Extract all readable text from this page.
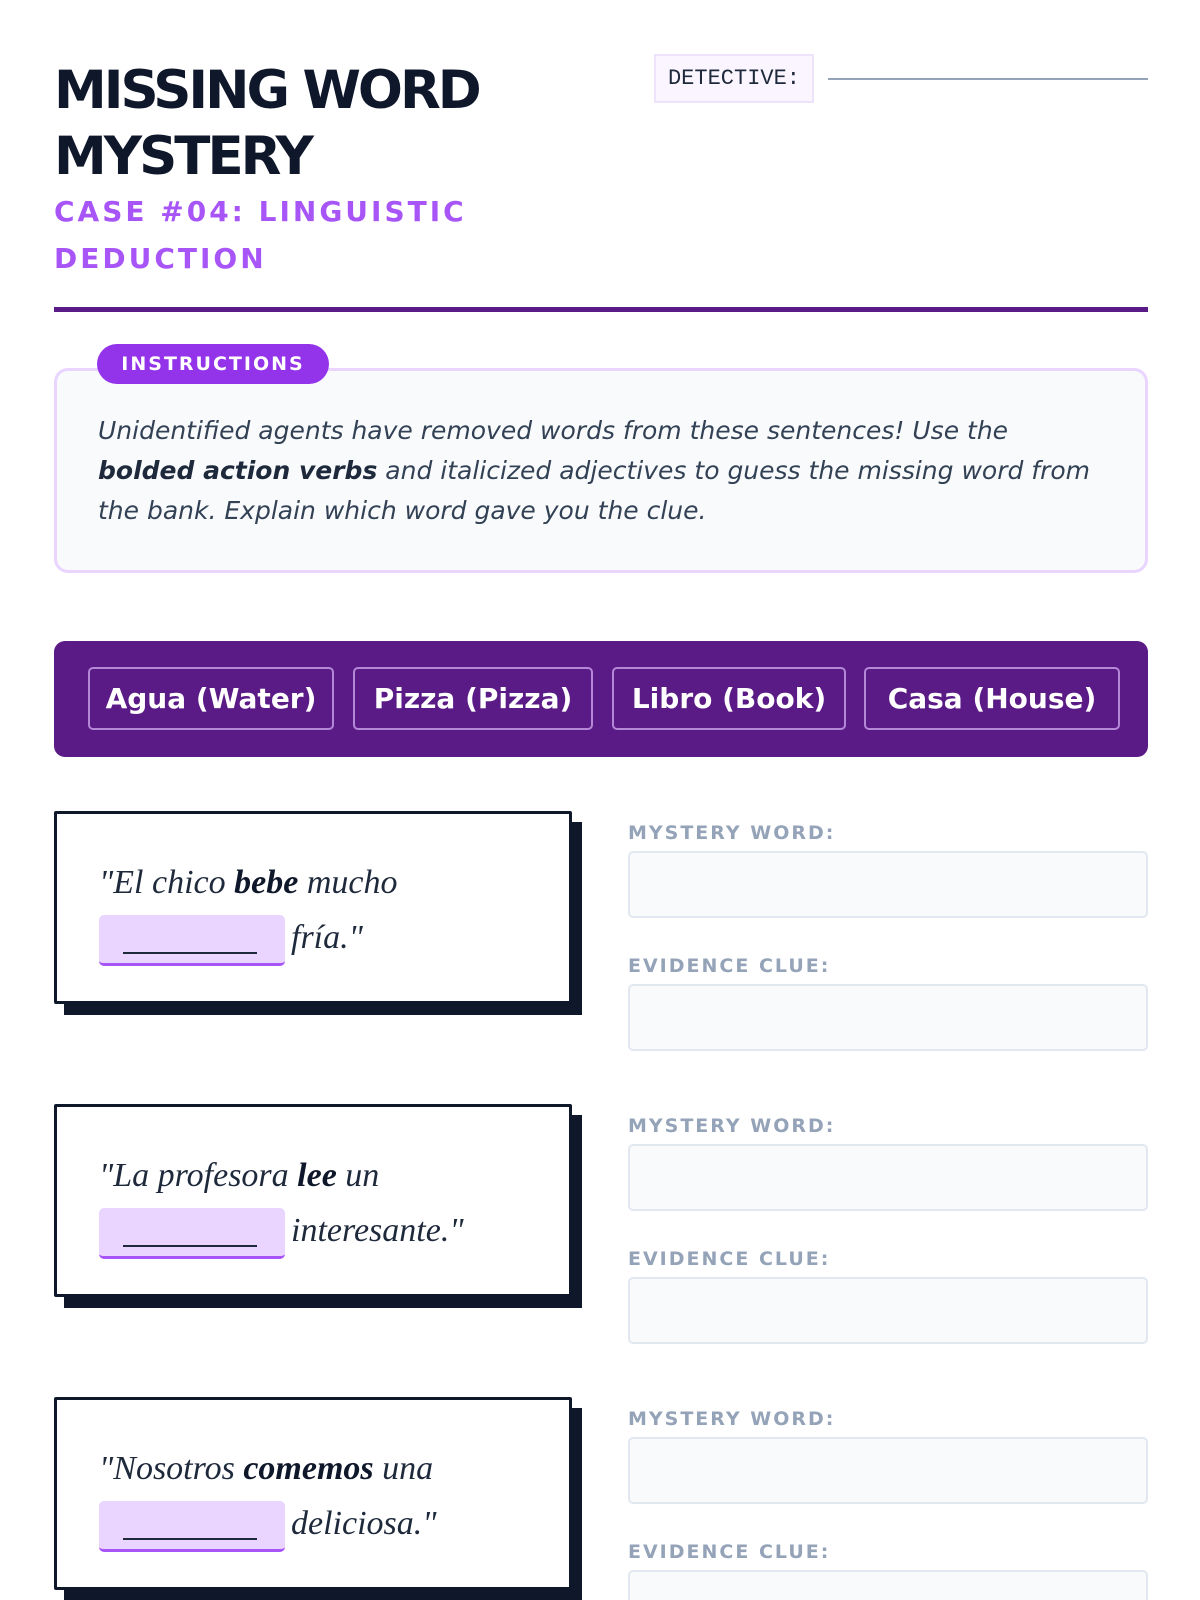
MISSING WORD MYSTERY
CASE #04: LINGUISTIC DEDUCTION
DETECTIVE:

Unidentified agents have removed words from these sentences! Use the bolded action verbs and italicized adjectives to guess the missing word from the bank. Explain which word gave you the clue.

INSTRUCTIONS
Agua (Water)	Pizza (Pizza)	Libro (Book)	Casa (House)

"El chico bebe mucho
fría."

MYSTERY WORD:
EVIDENCE CLUE:

"La profesora lee un
interesante."

MYSTERY WORD:
EVIDENCE CLUE:

"Nosotros comemos una
deliciosa."

MYSTERY WORD:
EVIDENCE CLUE:
